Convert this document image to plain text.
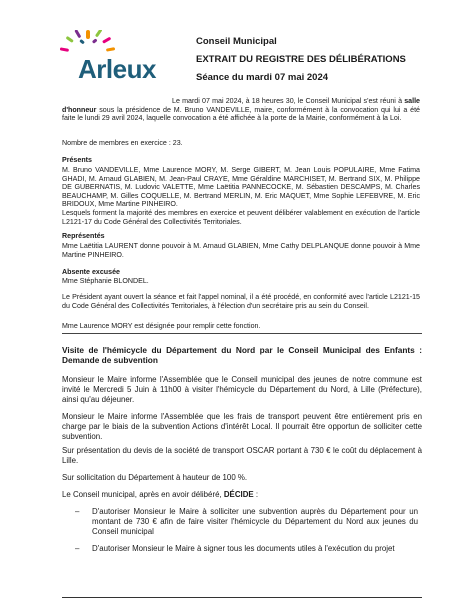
Arleux
Conseil Municipal
EXTRAIT DU REGISTRE DES DÉLIBÉRATIONS
Séance du mardi 07 mai 2024
Le mardi 07 mai 2024, à 18 heures 30, le Conseil Municipal s'est réuni à salle d'honneur sous la présidence de M. Bruno VANDEVILLE, maire, conformément à la convocation qui lui a été faite le lundi 29 avril 2024, laquelle convocation a été affichée à la porte de la Mairie, conformément à la Loi.
Nombre de membres en exercice : 23.
Présents
M. Bruno VANDEVILLE, Mme Laurence MORY, M. Serge GIBERT, M. Jean Louis POPULAIRE, Mme Fatima GHADI, M. Arnaud GLABIEN, M. Jean-Paul CRAYE, Mme Géraldine MARCHISET, M. Bertrand SIX, M. Philippe DE GUBERNATIS, M. Ludovic VALETTE, Mme Laëtitia PANNECOCKE, M. Sébastien DESCAMPS, M. Charles BEAUCHAMP, M. Gilles COQUELLE, M. Bertrand MERLIN, M. Eric MAQUET, Mme Sophie LEFEBVRE, M. Eric BRIDOUX, Mme Martine PINHEIRO.
Lesquels forment la majorité des membres en exercice et peuvent délibérer valablement en exécution de l'article L2121-17 du Code Général des Collectivités Territoriales.
Représentés
Mme Laëtitia LAURENT donne pouvoir à M. Arnaud GLABIEN, Mme Cathy DELPLANQUE donne pouvoir à Mme Martine PINHEIRO.
Absente excusée
Mme Stéphanie BLONDEL.
Le Président ayant ouvert la séance et fait l'appel nominal, il a été procédé, en conformité avec l'article L2121-15 du Code Général des Collectivités Territoriales, à l'élection d'un secrétaire pris au sein du Conseil.
Mme Laurence MORY est désignée pour remplir cette fonction.
Visite de l'hémicycle du Département du Nord par le Conseil Municipal des Enfants : Demande de subvention
Monsieur le Maire informe l'Assemblée que le Conseil municipal des jeunes de notre commune est invité le Mercredi 5 Juin à 11h00 à visiter l'hémicycle du Département du Nord, à Lille (Préfecture), ainsi qu'au déjeuner.
Monsieur le Maire informe l'Assemblée que les frais de transport peuvent être entièrement pris en charge par le biais de la subvention Actions d'intérêt Local. Il pourrait être opportun de solliciter cette subvention.
Sur présentation du devis de la société de transport OSCAR portant à 730 € le coût du déplacement à Lille.
Sur sollicitation du Département à hauteur de 100 %.
Le Conseil municipal, après en avoir délibéré, DÉCIDE :
– D'autoriser Monsieur le Maire à solliciter une subvention auprès du Département pour un montant de 730 € afin de faire visiter l'hémicycle du Département du Nord aux jeunes du Conseil municipal
– D'autoriser Monsieur le Maire à signer tous les documents utiles à l'exécution du projet
